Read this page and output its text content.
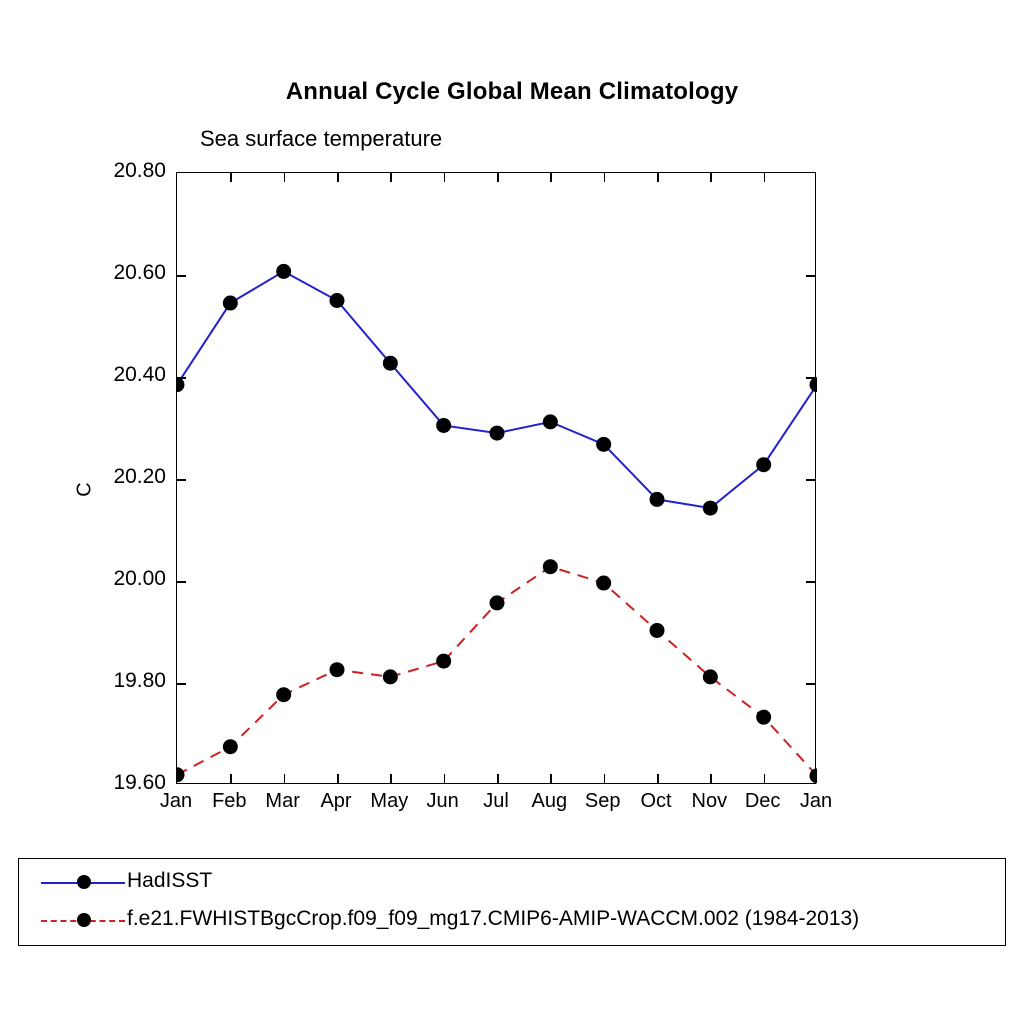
Annual Cycle Global Mean Climatology
Sea surface temperature
C
19.60
19.80
20.00
20.20
20.40
20.60
20.80
Jan Feb Mar Apr May Jun Jul Aug Sep Oct Nov Dec Jan
HadISST
f.e21.FWHISTBgcCrop.f09_f09_mg17.CMIP6-AMIP-WACCM.002 (1984-2013)
